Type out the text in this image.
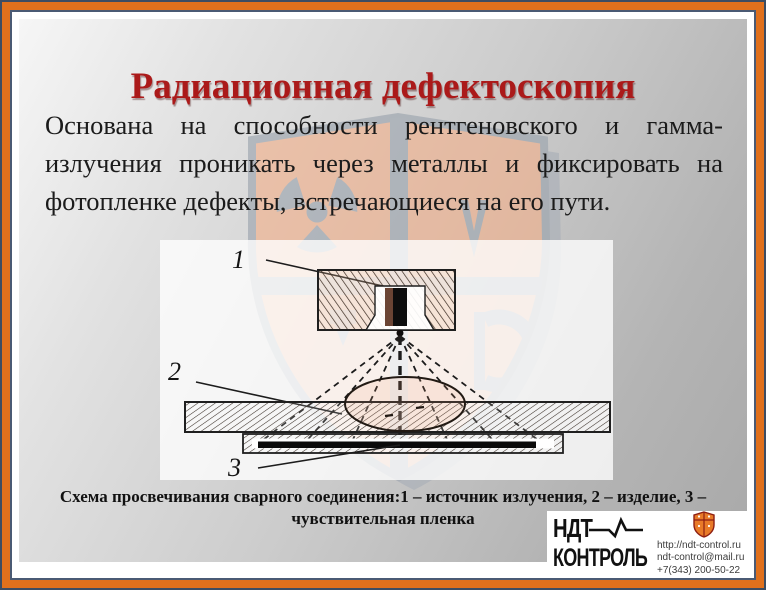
1
2
3
Радиационная дефектоскопия
Основана на способности рентгеновского и гамма-
излучения проникать через металлы и фиксировать на
фотопленке дефекты, встречающиеся на его пути.
Схема просвечивания сварного соединения:1 – источник излучения, 2 – изделие, 3 –
чувствительная пленка	НДТ
КОНТРОЛЬ http://ndt-control.ru
ndt-control@mail.ru
+7(343) 200-50-22
